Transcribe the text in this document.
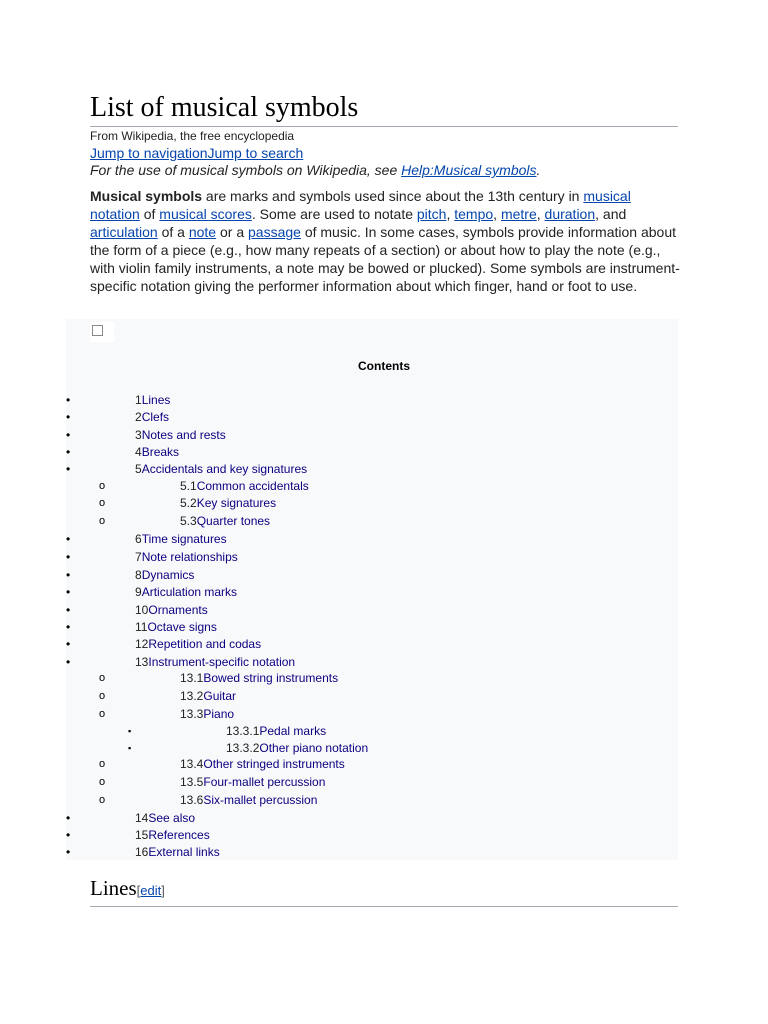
List of musical symbols
From Wikipedia, the free encyclopedia
Jump to navigationJump to search
For the use of musical symbols on Wikipedia, see Help:Musical symbols.

Musical symbols are marks and symbols used since about the 13th century in musical notation of musical scores. Some are used to notate pitch, tempo, metre, duration, and articulation of a note or a passage of music. In some cases, symbols provide information about the form of a piece (e.g., how many repeats of a section) or about how to play the note (e.g., with violin family instruments, a note may be bowed or plucked). Some symbols are instrument-specific notation giving the performer information about which finger, hand or foot to use.

Contents
1Lines
•
2Clefs
•
3Notes and rests
•
4Breaks
•
5Accidentals and key signatures
•
5.1Common accidentals
o
5.2Key signatures
o
5.3Quarter tones
o
6Time signatures
•
7Note relationships
•
8Dynamics
•
9Articulation marks
•
10Ornaments
•
11Octave signs
•
12Repetition and codas
•
13Instrument-specific notation
•
13.1Bowed string instruments
o
13.2Guitar
o
13.3Piano
o
13.3.1Pedal marks
▪
13.3.2Other piano notation
▪
13.4Other stringed instruments
o
13.5Four-mallet percussion
o
13.6Six-mallet percussion
o
14See also
•
15References
•
16External links
•
Lines[edit]
